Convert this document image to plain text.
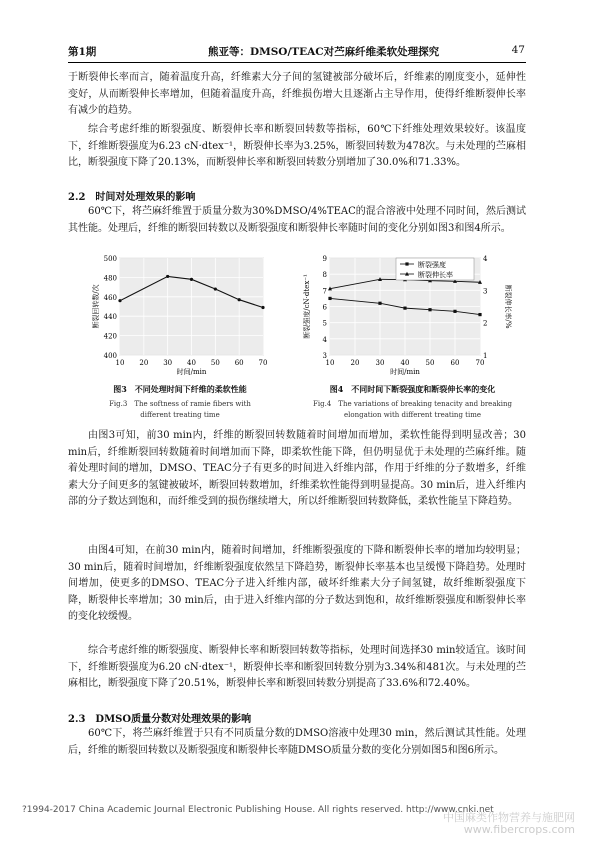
第1期	熊亚等：DMSO/TEAC对苎麻纤维柔软处理探究	47

于断裂伸长率而言，随着温度升高，纤维素大分子间的氢键被部分破坏后，纤维素的刚度变小，延伸性变好，从而断裂伸长率增加，但随着温度升高，纤维损伤增大且逐渐占主导作用，使得纤维断裂伸长率有减少的趋势。

综合考虑纤维的断裂强度、断裂伸长率和断裂回转数等指标，60℃下纤维处理效果较好。该温度下，纤维断裂强度为6.23 cN·dtex⁻¹，断裂伸长率为3.25%，断裂回转数为478次。与未处理的苎麻相比，断裂强度下降了20.13%，而断裂伸长率和断裂回转数分别增加了30.0%和71.33%。

2.2　时间对处理效果的影响

60℃下，将苎麻纤维置于质量分数为30%DMSO/4%TEAC的混合溶液中处理不同时间，然后测试其性能。处理后，纤维的断裂回转数以及断裂强度和断裂伸长率随时间的变化分别如图3和图4所示。

400
420
440
460
480
500
10 20 30 40 50 60 70
时间/min
断裂回转数/次
图3　不同处理时间下纤维的柔软性能
Fig.3　The softness of ramie fibers with
different treating time
3
4
5
6
7
8
9
1
2
3
4
10 20 30 40 50 60 70
断裂强度
断裂伸长率
时间/min
断裂强度/cN·dtex⁻¹	断裂伸长率/%
图4　不同时间下断裂强度和断裂伸长率的变化
Fig.4　The variations of breaking tenacity and breaking
elongation with different treating time

由图3可知，前30 min内，纤维的断裂回转数随着时间增加而增加，柔软性能得到明显改善；30 min后，纤维断裂回转数随着时间增加而下降，即柔软性能下降，但仍明显优于未处理的苎麻纤维。随着处理时间的增加，DMSO、TEAC分子有更多的时间进入纤维内部，作用于纤维的分子数增多，纤维素大分子间更多的氢键被破坏，断裂回转数增加，纤维柔软性能得到明显提高。30 min后，进入纤维内部的分子数达到饱和，而纤维受到的损伤继续增大，所以纤维断裂回转数降低，柔软性能呈下降趋势。

由图4可知，在前30 min内，随着时间增加，纤维断裂强度的下降和断裂伸长率的增加均较明显；30 min后，随着时间增加，纤维断裂强度依然呈下降趋势，断裂伸长率基本也呈缓慢下降趋势。处理时间增加，使更多的DMSO、TEAC分子进入纤维内部，破坏纤维素大分子间氢键，故纤维断裂强度下降，断裂伸长率增加；30 min后，由于进入纤维内部的分子数达到饱和，故纤维断裂强度和断裂伸长率的变化较缓慢。

综合考虑纤维的断裂强度、断裂伸长率和断裂回转数等指标，处理时间选择30 min较适宜。该时间下，纤维断裂强度为6.20 cN·dtex⁻¹，断裂伸长率和断裂回转数分别为3.34%和481次。与未处理的苎麻相比，断裂强度下降了20.51%，断裂伸长率和断裂回转数分别提高了33.6%和72.40%。

2.3　DMSO质量分数对处理效果的影响

60℃下，将苎麻纤维置于只有不同质量分数的DMSO溶液中处理30 min，然后测试其性能。处理后，纤维的断裂回转数以及断裂强度和断裂伸长率随DMSO质量分数的变化分别如图5和图6所示。

?1994-2017 China Academic Journal Electronic Publishing House. All rights reserved. http://www.cnki.net
中国麻类作物营养与施肥网
www.fibercrops.com
